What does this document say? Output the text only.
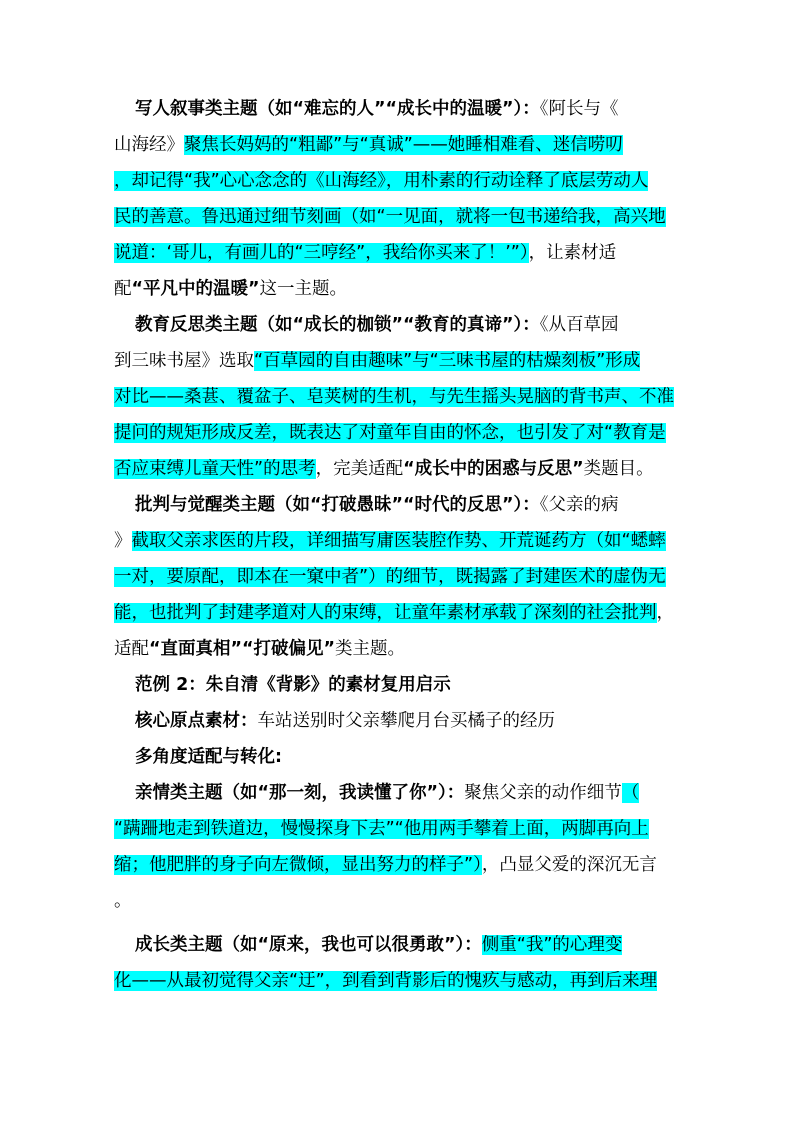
写人叙事类主题（如“难忘的人”“成长中的温暖”）：《阿长与《
山海经》聚焦长妈妈的“粗鄙”与“真诚”——她睡相难看、迷信唠叨
，却记得“我”心心念念的《山海经》，用朴素的行动诠释了底层劳动人
民的善意。鲁迅通过细节刻画（如“一见面，就将一包书递给我，高兴地
说道：‘哥儿，有画儿的“三哼经”，我给你买来了！’”），让素材适
配“平凡中的温暖”这一主题。
教育反思类主题（如“成长的枷锁”“教育的真谛”）：《从百草园
到三味书屋》选取“百草园的自由趣味”与“三味书屋的枯燥刻板”形成
对比——桑葚、覆盆子、皂荚树的生机，与先生摇头晃脑的背书声、不准
提问的规矩形成反差，既表达了对童年自由的怀念，也引发了对“教育是
否应束缚儿童天性”的思考，完美适配“成长中的困惑与反思”类题目。
批判与觉醒类主题（如“打破愚昧”“时代的反思”）：《父亲的病
》截取父亲求医的片段，详细描写庸医装腔作势、开荒诞药方（如“蟋蟀
一对，要原配，即本在一窠中者”）的细节，既揭露了封建医术的虚伪无
能，也批判了封建孝道对人的束缚，让童年素材承载了深刻的社会批判，
适配“直面真相”“打破偏见”类主题。
范例 2：朱自清《背影》的素材复用启示
核心原点素材：车站送别时父亲攀爬月台买橘子的经历
多角度适配与转化:
亲情类主题（如“那一刻，我读懂了你”）：聚焦父亲的动作细节（
“蹒跚地走到铁道边，慢慢探身下去”“他用两手攀着上面，两脚再向上
缩；他肥胖的身子向左微倾，显出努力的样子”），凸显父爱的深沉无言
。
成长类主题（如“原来，我也可以很勇敢”）：侧重“我”的心理变
化——从最初觉得父亲“迂”，到看到背影后的愧疚与感动，再到后来理
